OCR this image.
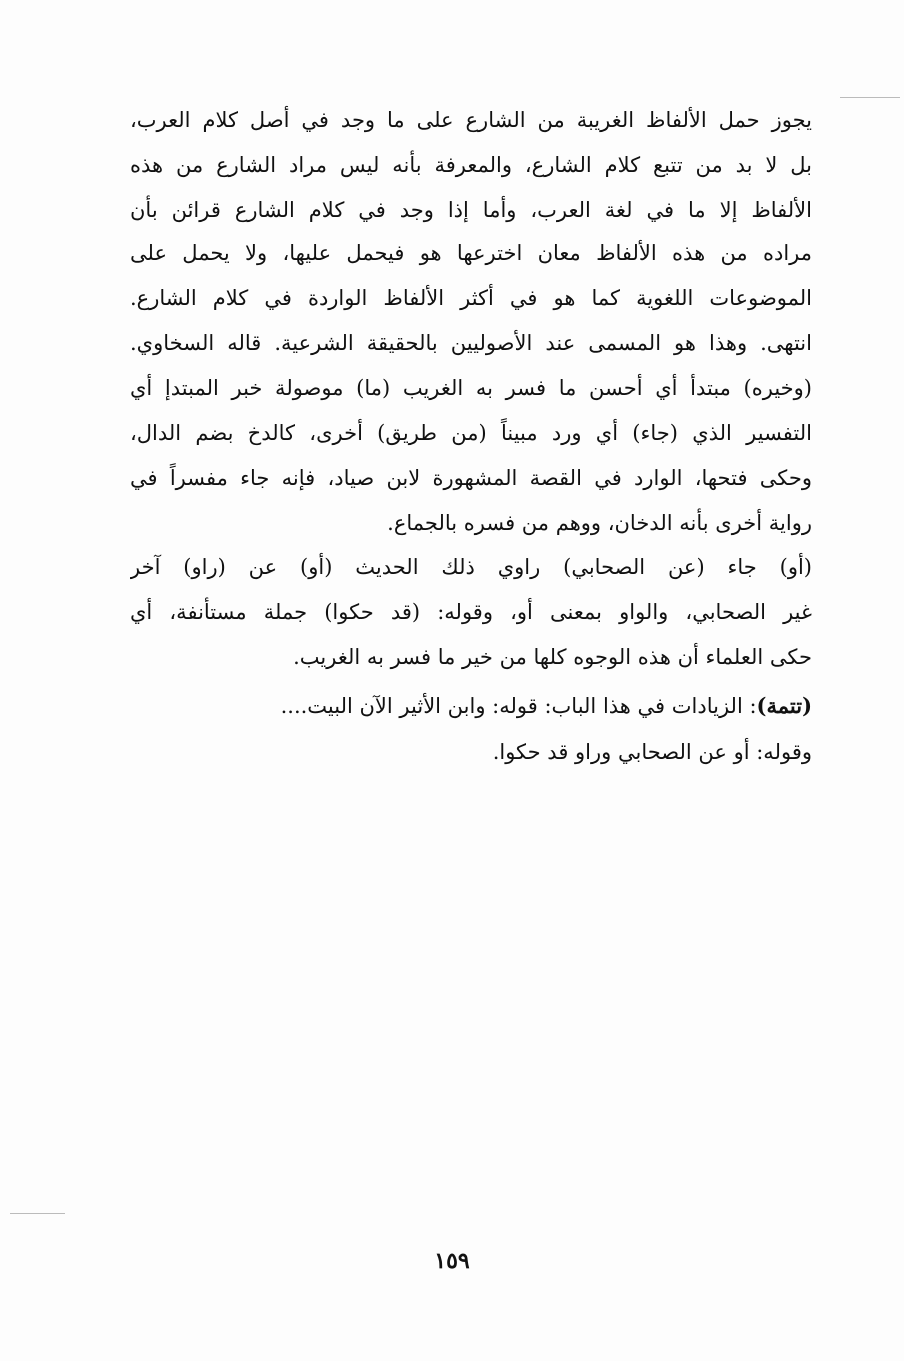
يجوز حمل الألفاظ الغريبة من الشارع على ما وجد في أصل كلام العرب،
بل لا بد من تتبع كلام الشارع، والمعرفة بأنه ليس مراد الشارع من هذه
الألفاظ إلا ما في لغة العرب، وأما إذا وجد في كلام الشارع قرائن بأن
مراده من هذه الألفاظ معان اخترعها هو فيحمل عليها، ولا يحمل على
الموضوعات اللغوية كما هو في أكثر الألفاظ الواردة في كلام الشارع.
انتهى. وهذا هو المسمى عند الأصوليين بالحقيقة الشرعية. قاله السخاوي.
(وخيره) مبتدأ أي أحسن ما فسر به الغريب (ما) موصولة خبر المبتدإ أي
التفسير الذي (جاء) أي ورد مبيناً (من طريق) أخرى، كالدخ بضم الدال،
وحكى فتحها، الوارد في القصة المشهورة لابن صياد، فإنه جاء مفسراً في
رواية أخرى بأنه الدخان، ووهم من فسره بالجماع.
(أو) جاء (عن الصحابي) راوي ذلك الحديث (أو) عن (راو) آخر
غير الصحابي، والواو بمعنى أو، وقوله: (قد حكوا) جملة مستأنفة، أي
حكى العلماء أن هذه الوجوه كلها من خير ما فسر به الغريب.
(تتمة): الزيادات في هذا الباب: قوله: وابن الأثير الآن البيت....
وقوله: أو عن الصحابي وراو قد حكوا.
١٥٩
